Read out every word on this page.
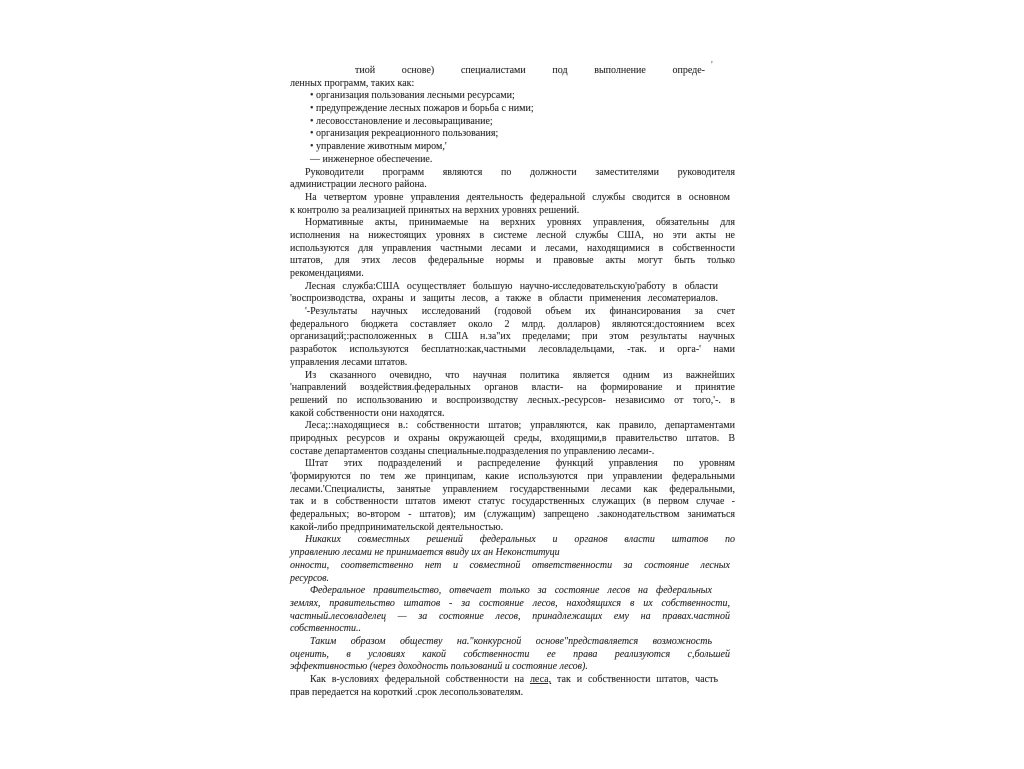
'
тиой основе) специалистами под выполнение опреде-
ленных программ, таких как:
• организация пользования лесными ресурсами;
• предупреждение лесных пожаров и борьба с ними;
• лесовосстановление и лесовыращивание;
• организация рекреационного пользования;
• управление животным миром,'
— инженерное обеспечение.
Руководители программ являются по должности заместителями руководителя
администрации лесного района.
На четвертом уровне управления деятельность федеральной службы сводится в основном
к контролю за реализацией принятых на верхних уровнях решений.
Нормативные акты, принимаемые на верхних уровнях управления, обязательны для
исполнения на нижестоящих уровнях в системе лесной службы США, но эти акты не
используются для управления частными лесами и лесами, находящимися в собственности
штатов, для этих лесов федеральные нормы и правовые акты могут быть только
рекомендациями.
Лесная служба:США осуществляет большую научно-исследовательскую'работу в области
'воспроизводства, охраны и защиты лесов, а также в области применения лесоматериалов.
'-Результаты научных исследований (годовой объем их финансирования за счет
федерального бюджета составляет около 2 млрд. долларов) являются:достоянием всех
организаций;:расположенных в США н.за"их пределами; при этом результаты научных
разработок используются бесплатно:как,частными лесовладельцами, -так. и орга-' нами
управления лесами штатов.
Из сказанного очевидно, что научная политика является одним из важнейших
'направлений воздействия.федеральных органов власти- на формирование и принятие
решений по использованию и воспроизводству лесных.-ресурсов- независимо от того,'-. в
какой собственности они находятся.
Леса;::находящиеся в.: собственности штатов; управляются, как правило, департаментами
природных ресурсов и охраны окружающей среды, входящими,в правительство штатов. В
составе департаментов созданы специальные.подразделения по управлению лесами-.
Штат этих подразделений и распределение функций управления по уровням
'формируются по тем же принципам, какие используются при управлении федеральными
лесами.'Специалисты, занятые управлением государственными лесами как федеральными,
так и в собственности штатов имеют статус государственных служащих (в первом случае -
федеральных; во-втором - штатов); им (служащим) запрещено .законодательством заниматься
какой-либо предпринимательской деятельностью.
Никаких совместных решений федеральных и органов власти штатов по
управлению лесами не принимается ввиду их ан Неконституци
онности, соответственно нет и совместной ответственности за состояние лесных
ресурсов.
Федеральное правительство, отвечает только за состояние лесов на федеральных
землях, правительство штатов - за состояние лесов, находящихся в их собственности,
частный.лесовладелец — за состояние лесов, принадлежащих ему на правах.частной
собственности..
Таким образом обществу на."конкурсной основе"представляется возможность
оценить, в условиях какой собственности ее права реализуются с,большей
эффективностью (через доходность пользований и состояние лесов).
Как в-условиях федеральной собственности на леса, так и собственности штатов, часть
прав передается на короткий .срок лесопользователям.
